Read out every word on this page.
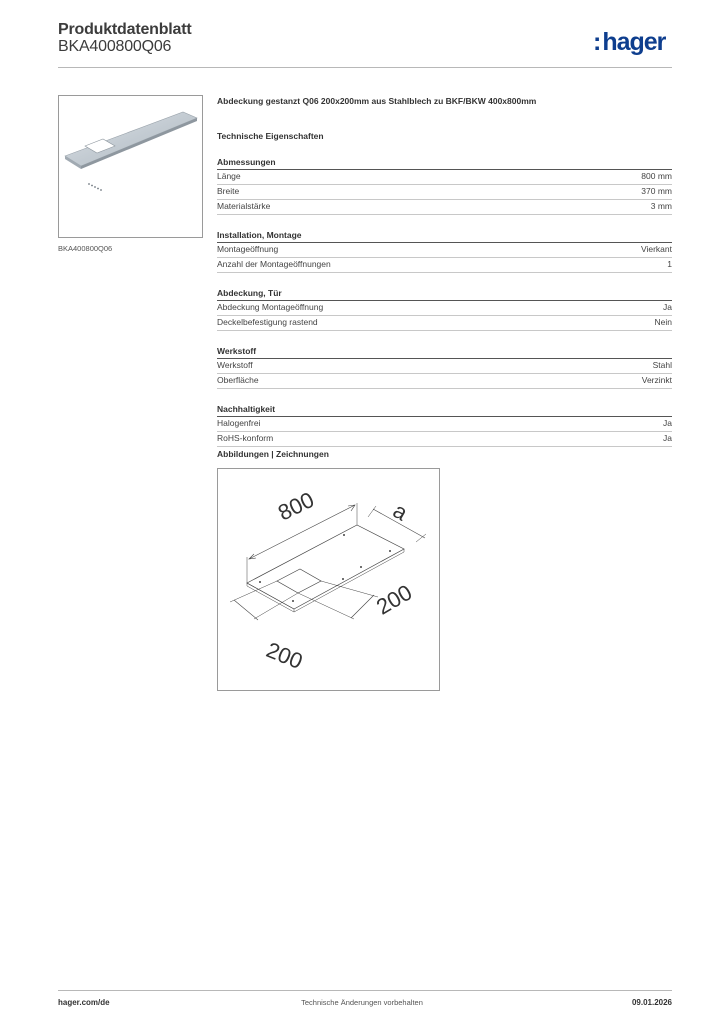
Produktdatenblatt
BKA400800Q06	:hager
BKA400800Q06
Abdeckung gestanzt Q06 200x200mm aus Stahlblech zu BKF/BKW 400x800mm
Technische Eigenschaften
Abmessungen
Länge	800 mm
Breite	370 mm
Materialstärke	3 mm
Installation, Montage
Montageöffnung	Vierkant
Anzahl der Montageöffnungen	1
Abdeckung, Tür
Abdeckung Montageöffnung	Ja
Deckelbefestigung rastend	Nein
Werkstoff
Werkstoff	Stahl
Oberfläche	Verzinkt
Nachhaltigkeit
Halogenfrei	Ja
RoHS-konform	Ja
Abbildungen | Zeichnungen
800	a
200
200
hager.com/de	Technische Änderungen vorbehalten	09.01.2026
